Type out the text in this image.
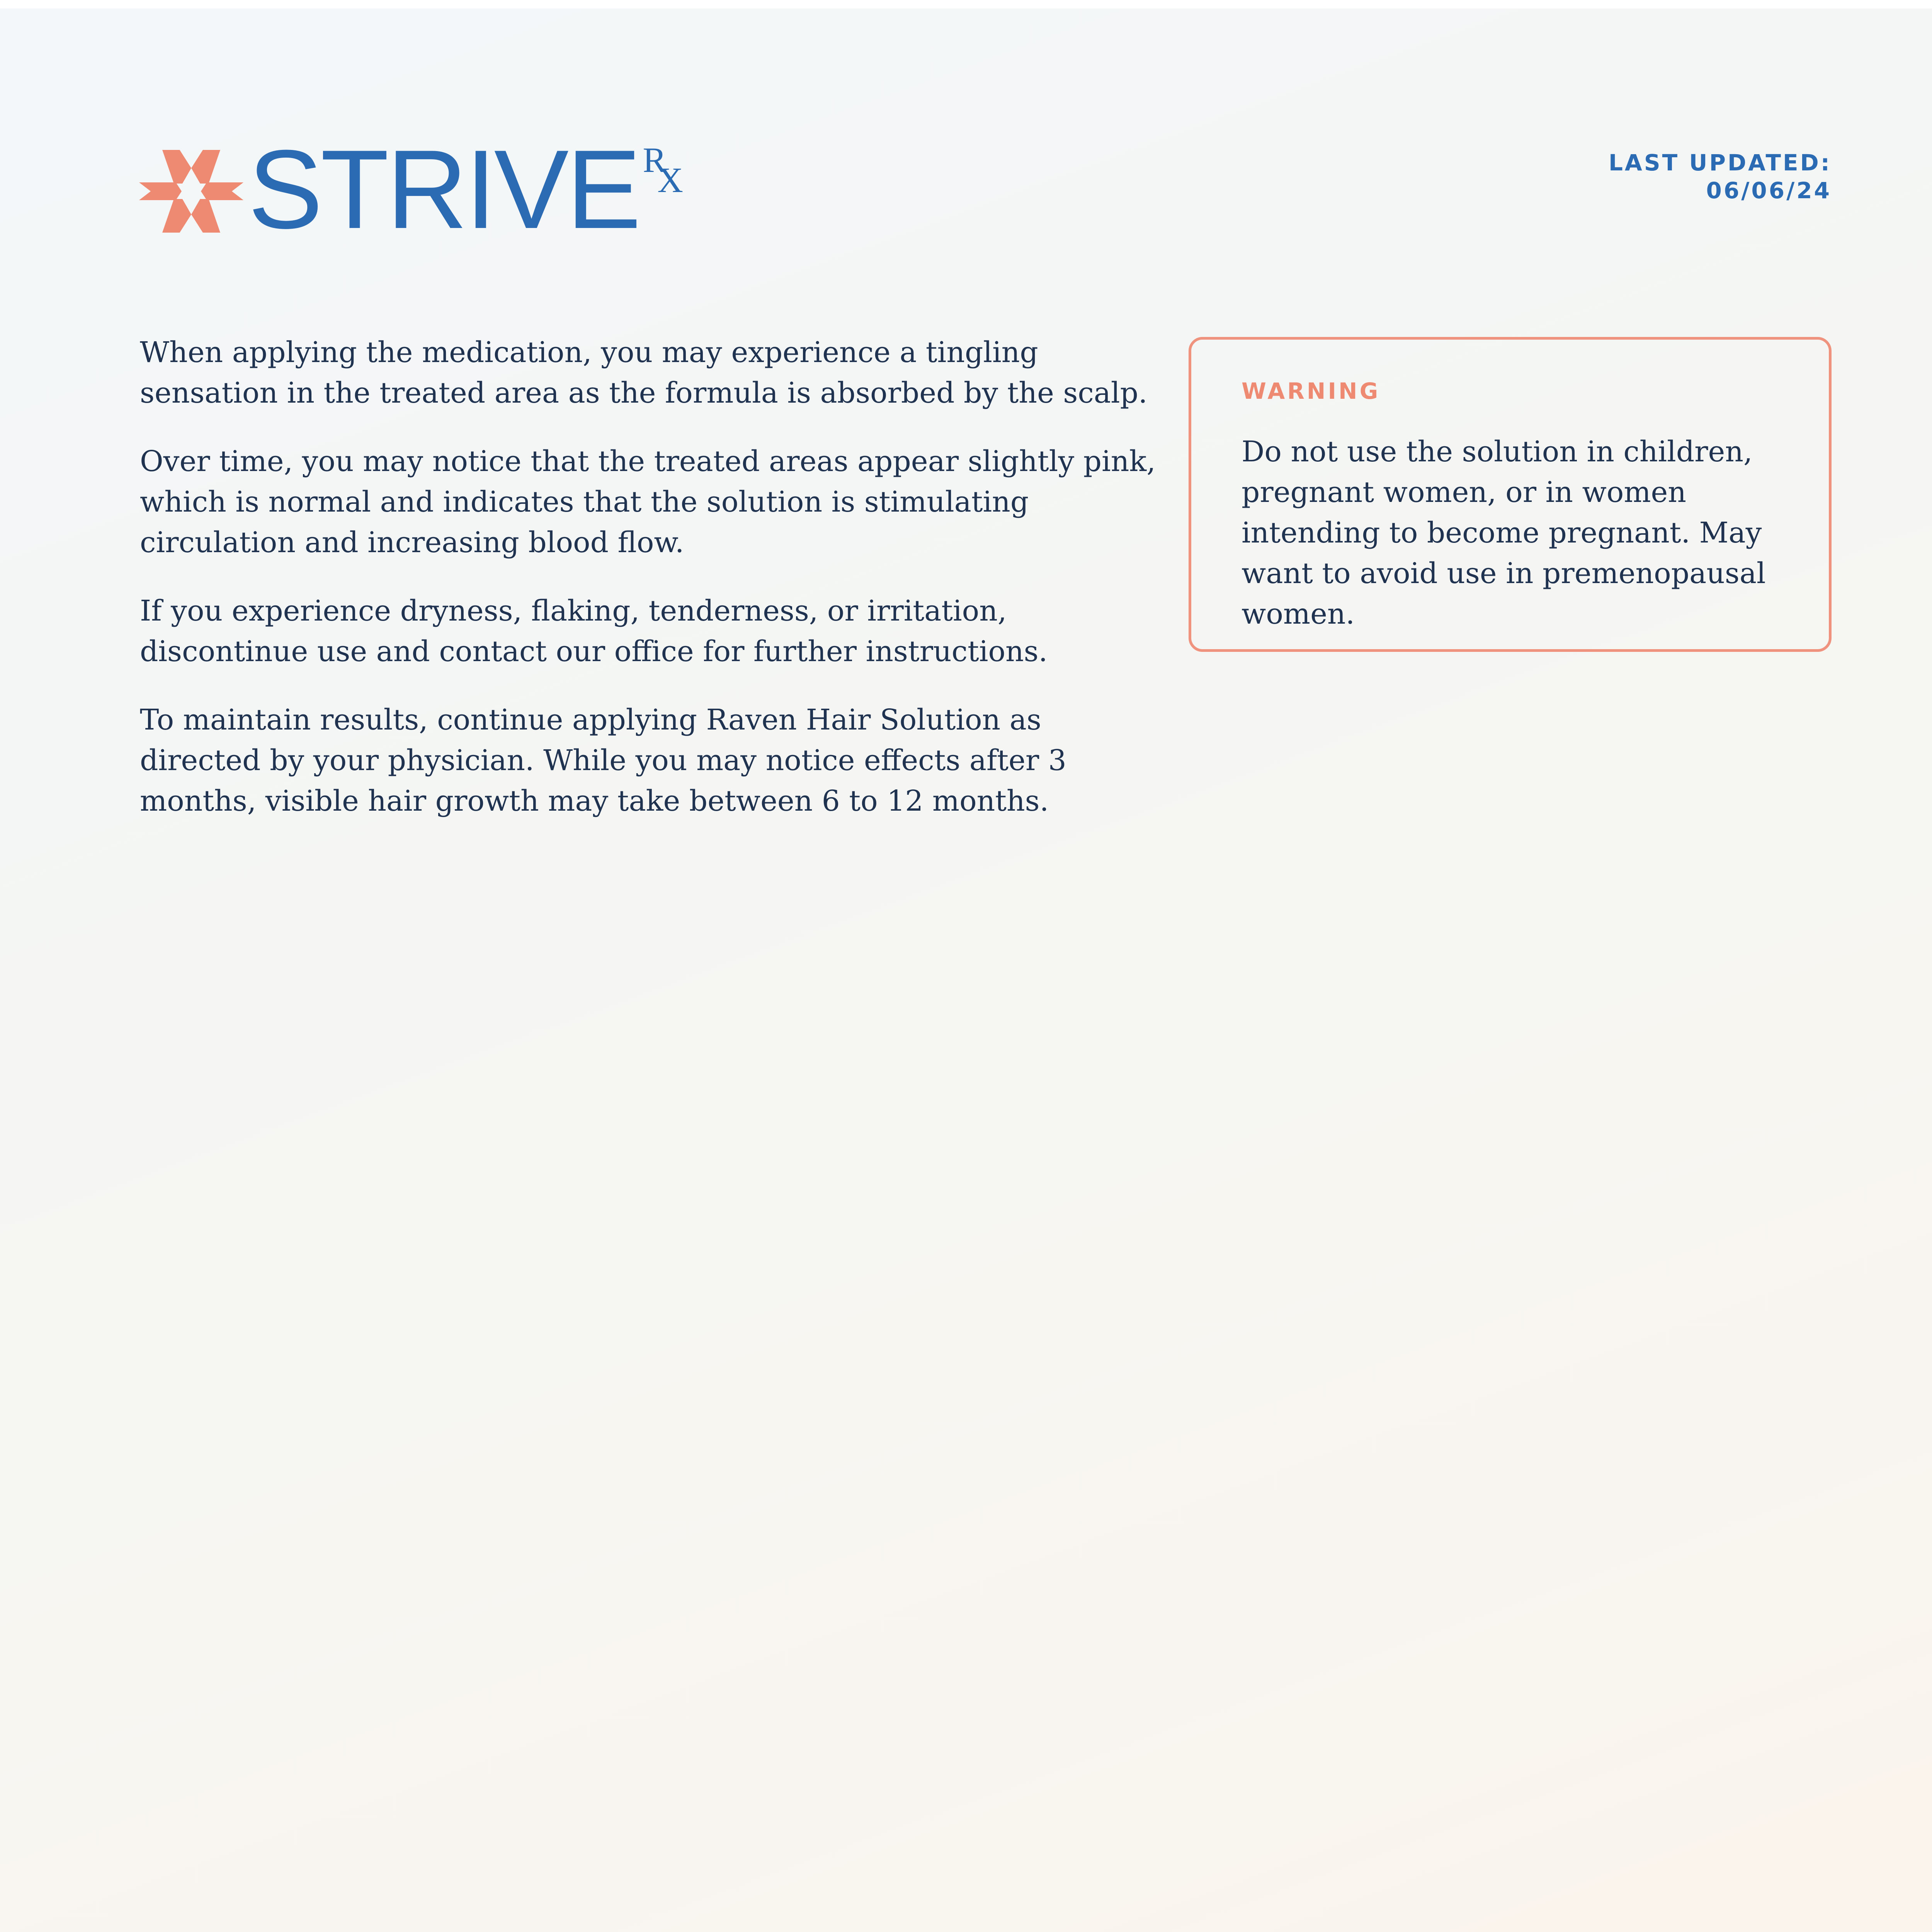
STRIVE R
X	LAST UPDATED:
06/06/24

When applying the medication, you may experience a tingling sensation in the treated area as the formula is absorbed by the scalp.

Over time, you may notice that the treated areas appear slightly pink, which is normal and indicates that the solution is stimulating circulation and increasing blood flow.

If you experience dryness, flaking, tenderness, or irritation, discontinue use and contact our office for further instructions.

To maintain results, continue applying Raven Hair Solution as directed by your physician. While you may notice effects after 3 months, visible hair growth may take between 6 to 12 months.

WARNING
Do not use the solution in children, pregnant women, or in women intending to become pregnant. May want to avoid use in premenopausal women.
